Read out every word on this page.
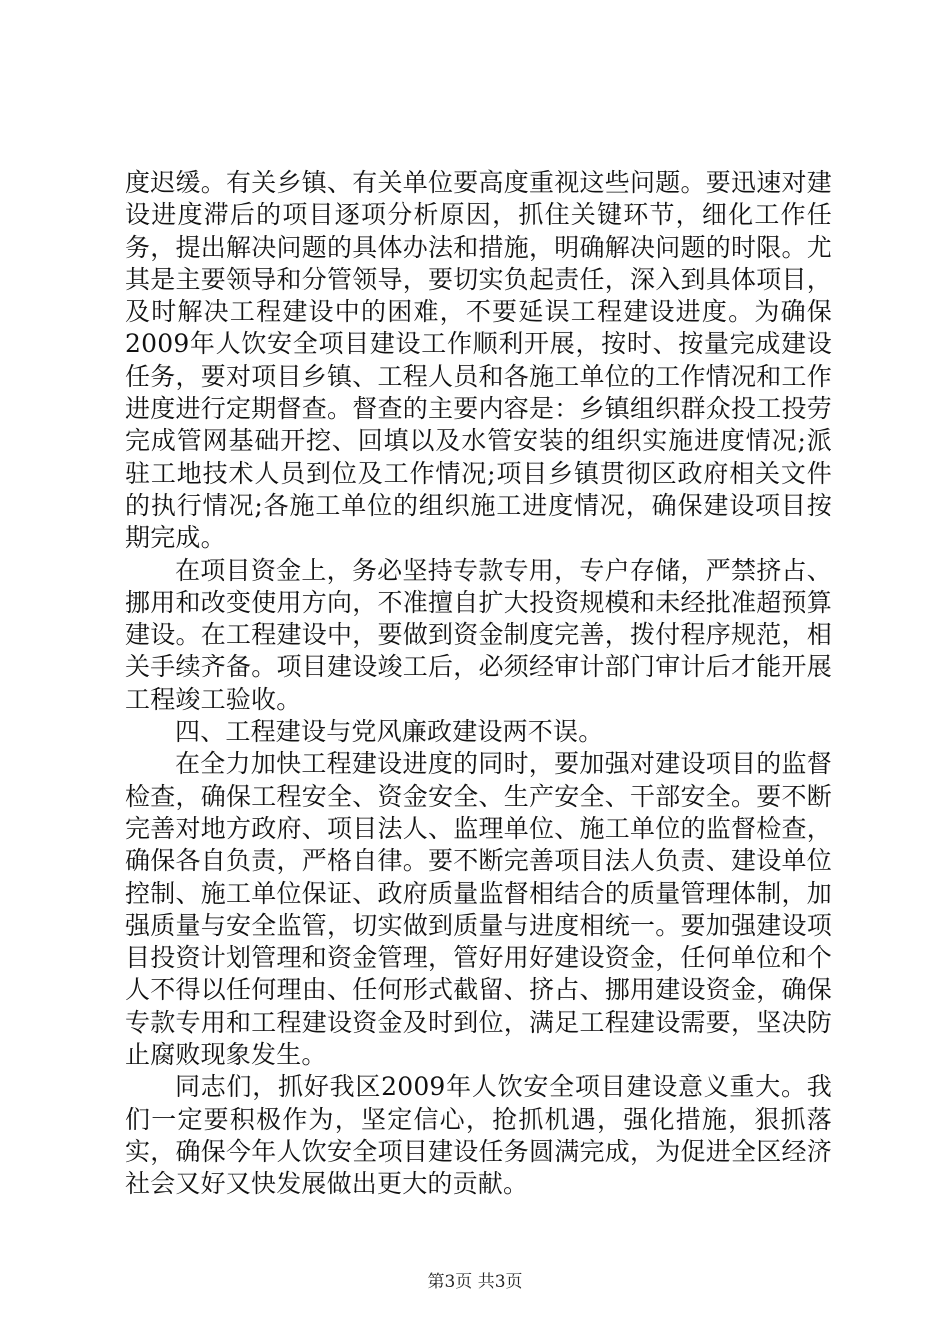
度迟缓。有关乡镇、有关单位要高度重视这些问题。要迅速对建设进度滞后的项目逐项分析原因，抓住关键环节，细化工作任务，提出解决问题的具体办法和措施，明确解决问题的时限。尤其是主要领导和分管领导，要切实负起责任，深入到具体项目，及时解决工程建设中的困难，不要延误工程建设进度。为确保2009年人饮安全项目建设工作顺利开展，按时、按量完成建设任务，要对项目乡镇、工程人员和各施工单位的工作情况和工作进度进行定期督查。督查的主要内容是：乡镇组织群众投工投劳完成管网基础开挖、回填以及水管安装的组织实施进度情况;派驻工地技术人员到位及工作情况;项目乡镇贯彻区政府相关文件的执行情况;各施工单位的组织施工进度情况，确保建设项目按期完成。

在项目资金上，务必坚持专款专用，专户存储，严禁挤占、挪用和改变使用方向，不准擅自扩大投资规模和未经批准超预算建设。在工程建设中，要做到资金制度完善，拨付程序规范，相关手续齐备。项目建设竣工后，必须经审计部门审计后才能开展工程竣工验收。

四、工程建设与党风廉政建设两不误。

在全力加快工程建设进度的同时，要加强对建设项目的监督检查，确保工程安全、资金安全、生产安全、干部安全。要不断完善对地方政府、项目法人、监理单位、施工单位的监督检查，确保各自负责，严格自律。要不断完善项目法人负责、建设单位控制、施工单位保证、政府质量监督相结合的质量管理体制，加强质量与安全监管，切实做到质量与进度相统一。要加强建设项目投资计划管理和资金管理，管好用好建设资金，任何单位和个人不得以任何理由、任何形式截留、挤占、挪用建设资金，确保专款专用和工程建设资金及时到位，满足工程建设需要，坚决防止腐败现象发生。

同志们，抓好我区2009年人饮安全项目建设意义重大。我们一定要积极作为，坚定信心，抢抓机遇，强化措施，狠抓落实，确保今年人饮安全项目建设任务圆满完成，为促进全区经济社会又好又快发展做出更大的贡献。

第3页 共3页
